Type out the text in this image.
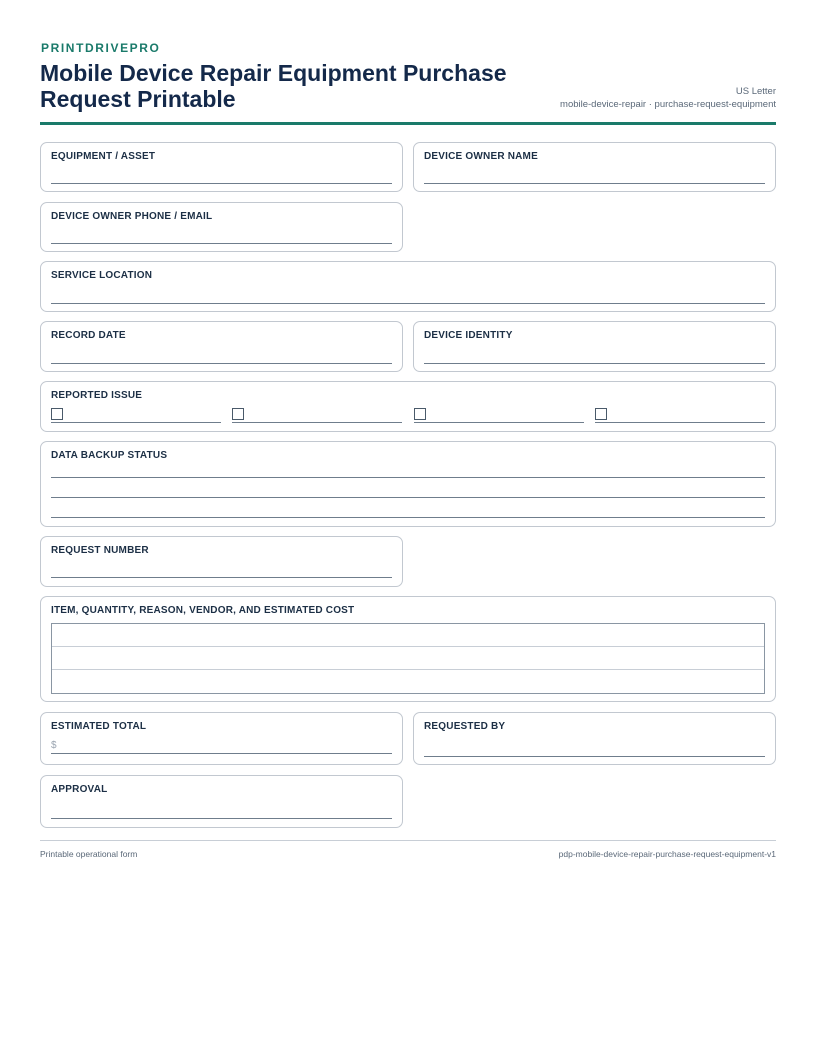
PRINTDRIVEPRO
Mobile Device Repair Equipment Purchase Request Printable	US Letter
mobile-device-repair · purchase-request-equipment
EQUIPMENT / ASSET	DEVICE OWNER NAME
DEVICE OWNER PHONE / EMAIL
SERVICE LOCATION
RECORD DATE	DEVICE IDENTITY
REPORTED ISSUE
DATA BACKUP STATUS
REQUEST NUMBER
ITEM, QUANTITY, REASON, VENDOR, AND ESTIMATED COST
ESTIMATED TOTAL
$
REQUESTED BY
APPROVAL
Printable operational form	pdp-mobile-device-repair-purchase-request-equipment-v1
